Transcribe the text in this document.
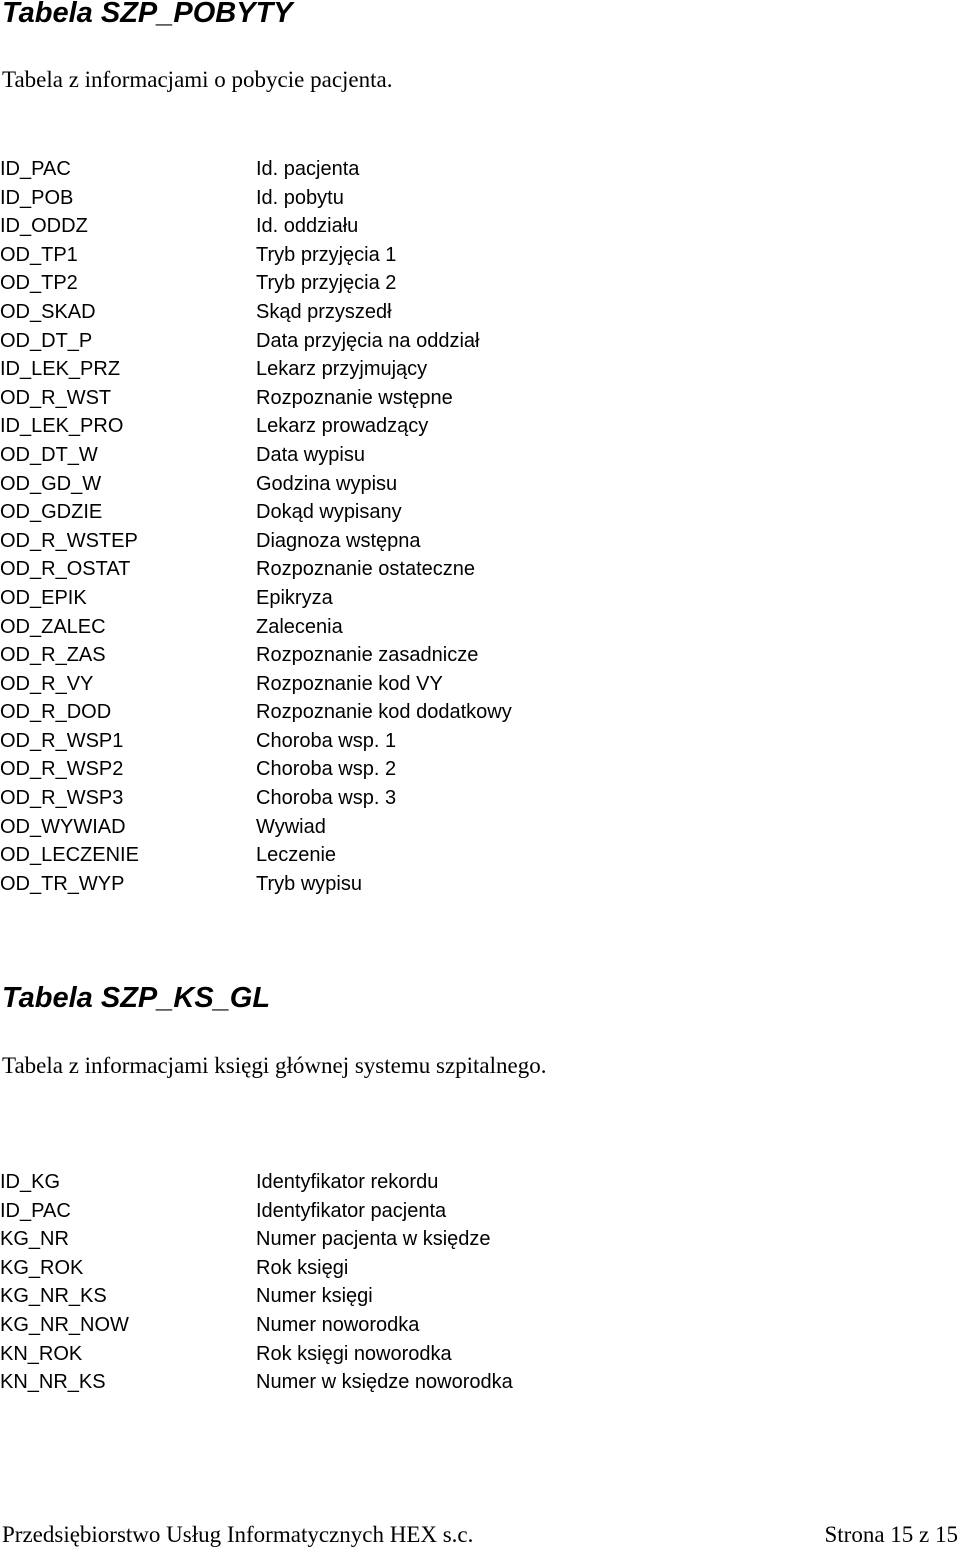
Tabela SZP_POBYTY

Tabela z informacjami o pobycie pacjenta.

ID_PAC	Id. pacjenta
ID_POB	Id. pobytu
ID_ODDZ	Id. oddziału
OD_TP1	Tryb przyjęcia 1
OD_TP2	Tryb przyjęcia 2
OD_SKAD	Skąd przyszedł
OD_DT_P	Data przyjęcia na oddział
ID_LEK_PRZ	Lekarz przyjmujący
OD_R_WST	Rozpoznanie wstępne
ID_LEK_PRO	Lekarz prowadzący
OD_DT_W	Data wypisu
OD_GD_W	Godzina wypisu
OD_GDZIE	Dokąd wypisany
OD_R_WSTEP	Diagnoza wstępna
OD_R_OSTAT	Rozpoznanie ostateczne
OD_EPIK	Epikryza
OD_ZALEC	Zalecenia
OD_R_ZAS	Rozpoznanie zasadnicze
OD_R_VY	Rozpoznanie kod VY
OD_R_DOD	Rozpoznanie kod dodatkowy
OD_R_WSP1	Choroba wsp. 1
OD_R_WSP2	Choroba wsp. 2
OD_R_WSP3	Choroba wsp. 3
OD_WYWIAD	Wywiad
OD_LECZENIE	Leczenie
OD_TR_WYP	Tryb wypisu
Tabela SZP_KS_GL

Tabela z informacjami księgi głównej systemu szpitalnego.

ID_KG	Identyfikator rekordu
ID_PAC	Identyfikator pacjenta
KG_NR	Numer pacjenta w księdze
KG_ROK	Rok księgi
KG_NR_KS	Numer księgi
KG_NR_NOW	Numer noworodka
KN_ROK	Rok księgi noworodka
KN_NR_KS	Numer w księdze noworodka
Przedsiębiorstwo Usług Informatycznych HEX s.c.	Strona 15 z 15
